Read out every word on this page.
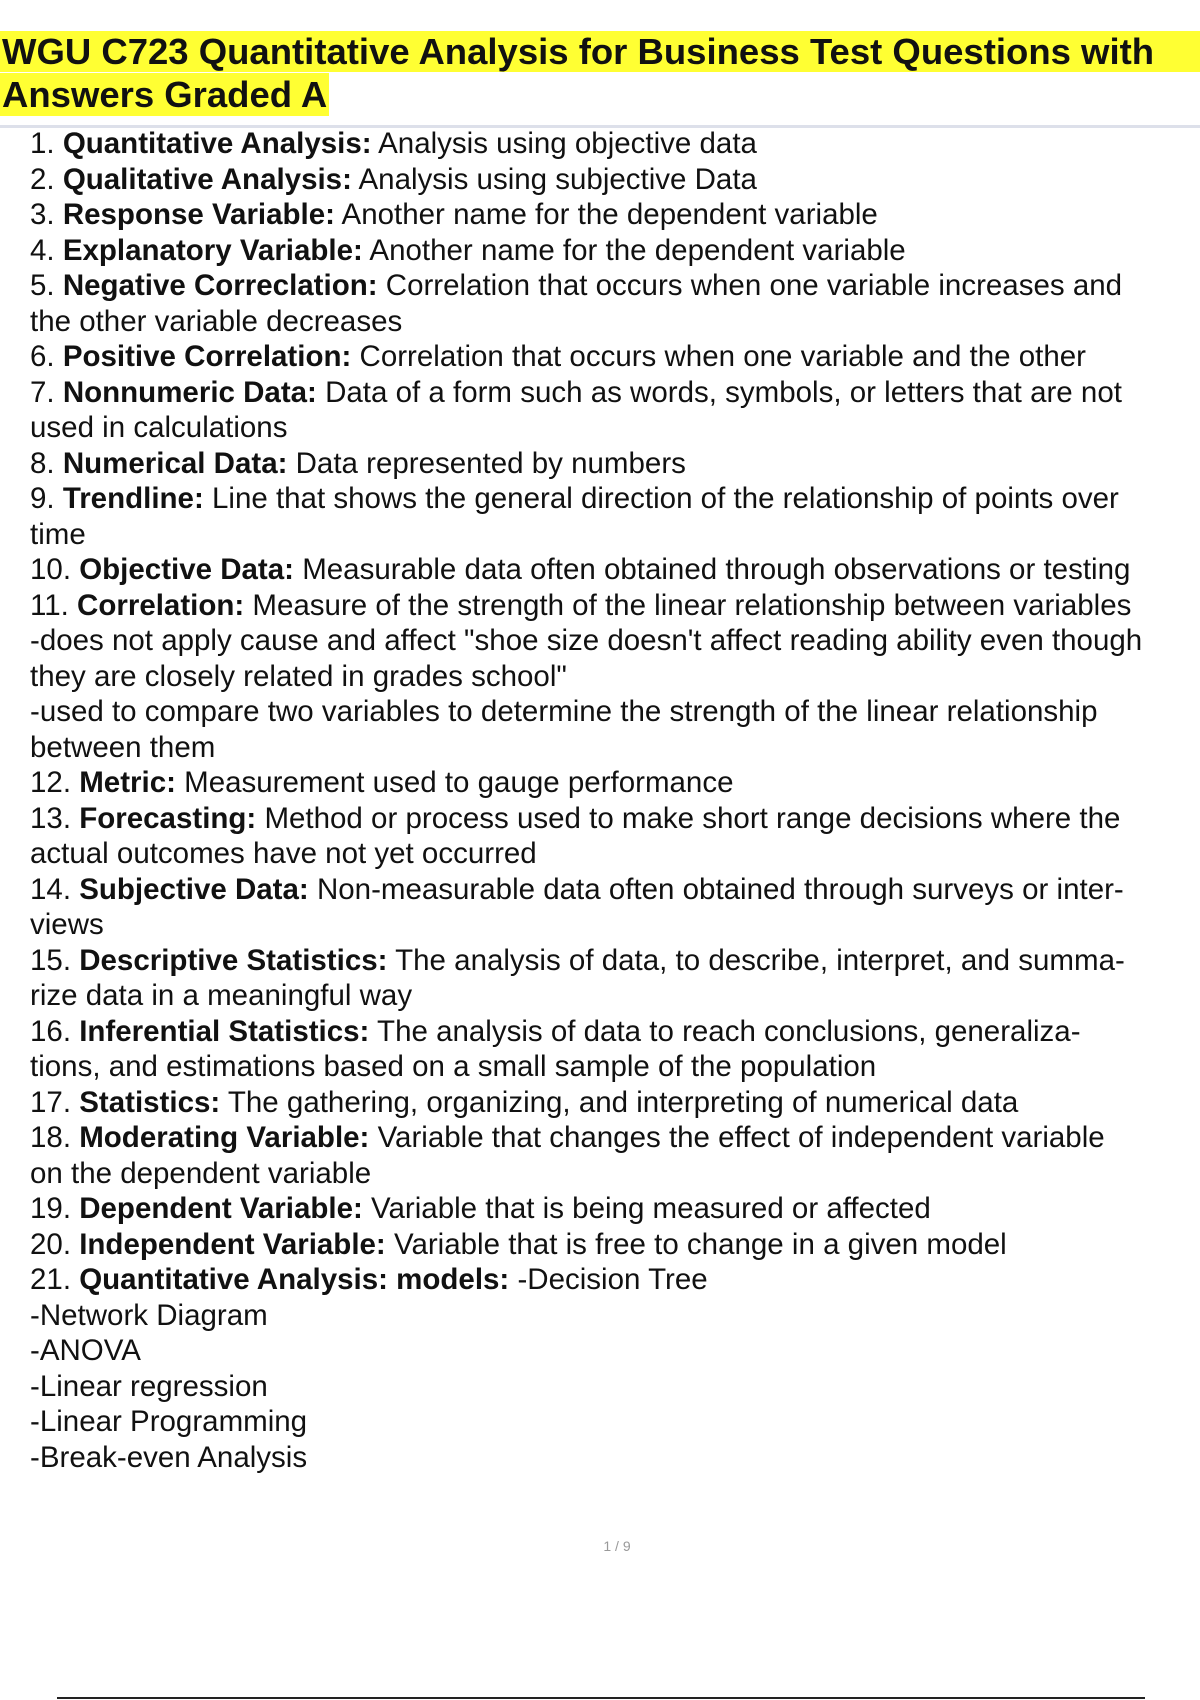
WGU C723 Quantitative Analysis for Business Test Questions with
Answers Graded A
1. Quantitative Analysis: Analysis using objective data
2. Qualitative Analysis: Analysis using subjective Data
3. Response Variable: Another name for the dependent variable
4. Explanatory Variable: Another name for the dependent variable
5. Negative Correclation: Correlation that occurs when one variable increases and
the other variable decreases
6. Positive Correlation: Correlation that occurs when one variable and the other
7. Nonnumeric Data: Data of a form such as words, symbols, or letters that are not
used in calculations
8. Numerical Data: Data represented by numbers
9. Trendline: Line that shows the general direction of the relationship of points over
time
10. Objective Data: Measurable data often obtained through observations or testing
11. Correlation: Measure of the strength of the linear relationship between variables
-does not apply cause and affect "shoe size doesn't affect reading ability even though
they are closely related in grades school"
-used to compare two variables to determine the strength of the linear relationship
between them
12. Metric: Measurement used to gauge performance
13. Forecasting: Method or process used to make short range decisions where the
actual outcomes have not yet occurred
14. Subjective Data: Non-measurable data often obtained through surveys or inter-
views
15. Descriptive Statistics: The analysis of data, to describe, interpret, and summa-
rize data in a meaningful way
16. Inferential Statistics: The analysis of data to reach conclusions, generaliza-
tions, and estimations based on a small sample of the population
17. Statistics: The gathering, organizing, and interpreting of numerical data
18. Moderating Variable: Variable that changes the effect of independent variable
on the dependent variable
19. Dependent Variable: Variable that is being measured or affected
20. Independent Variable: Variable that is free to change in a given model
21. Quantitative Analysis: models: -Decision Tree
-Network Diagram
-ANOVA
-Linear regression
-Linear Programming
-Break-even Analysis
1 / 9
